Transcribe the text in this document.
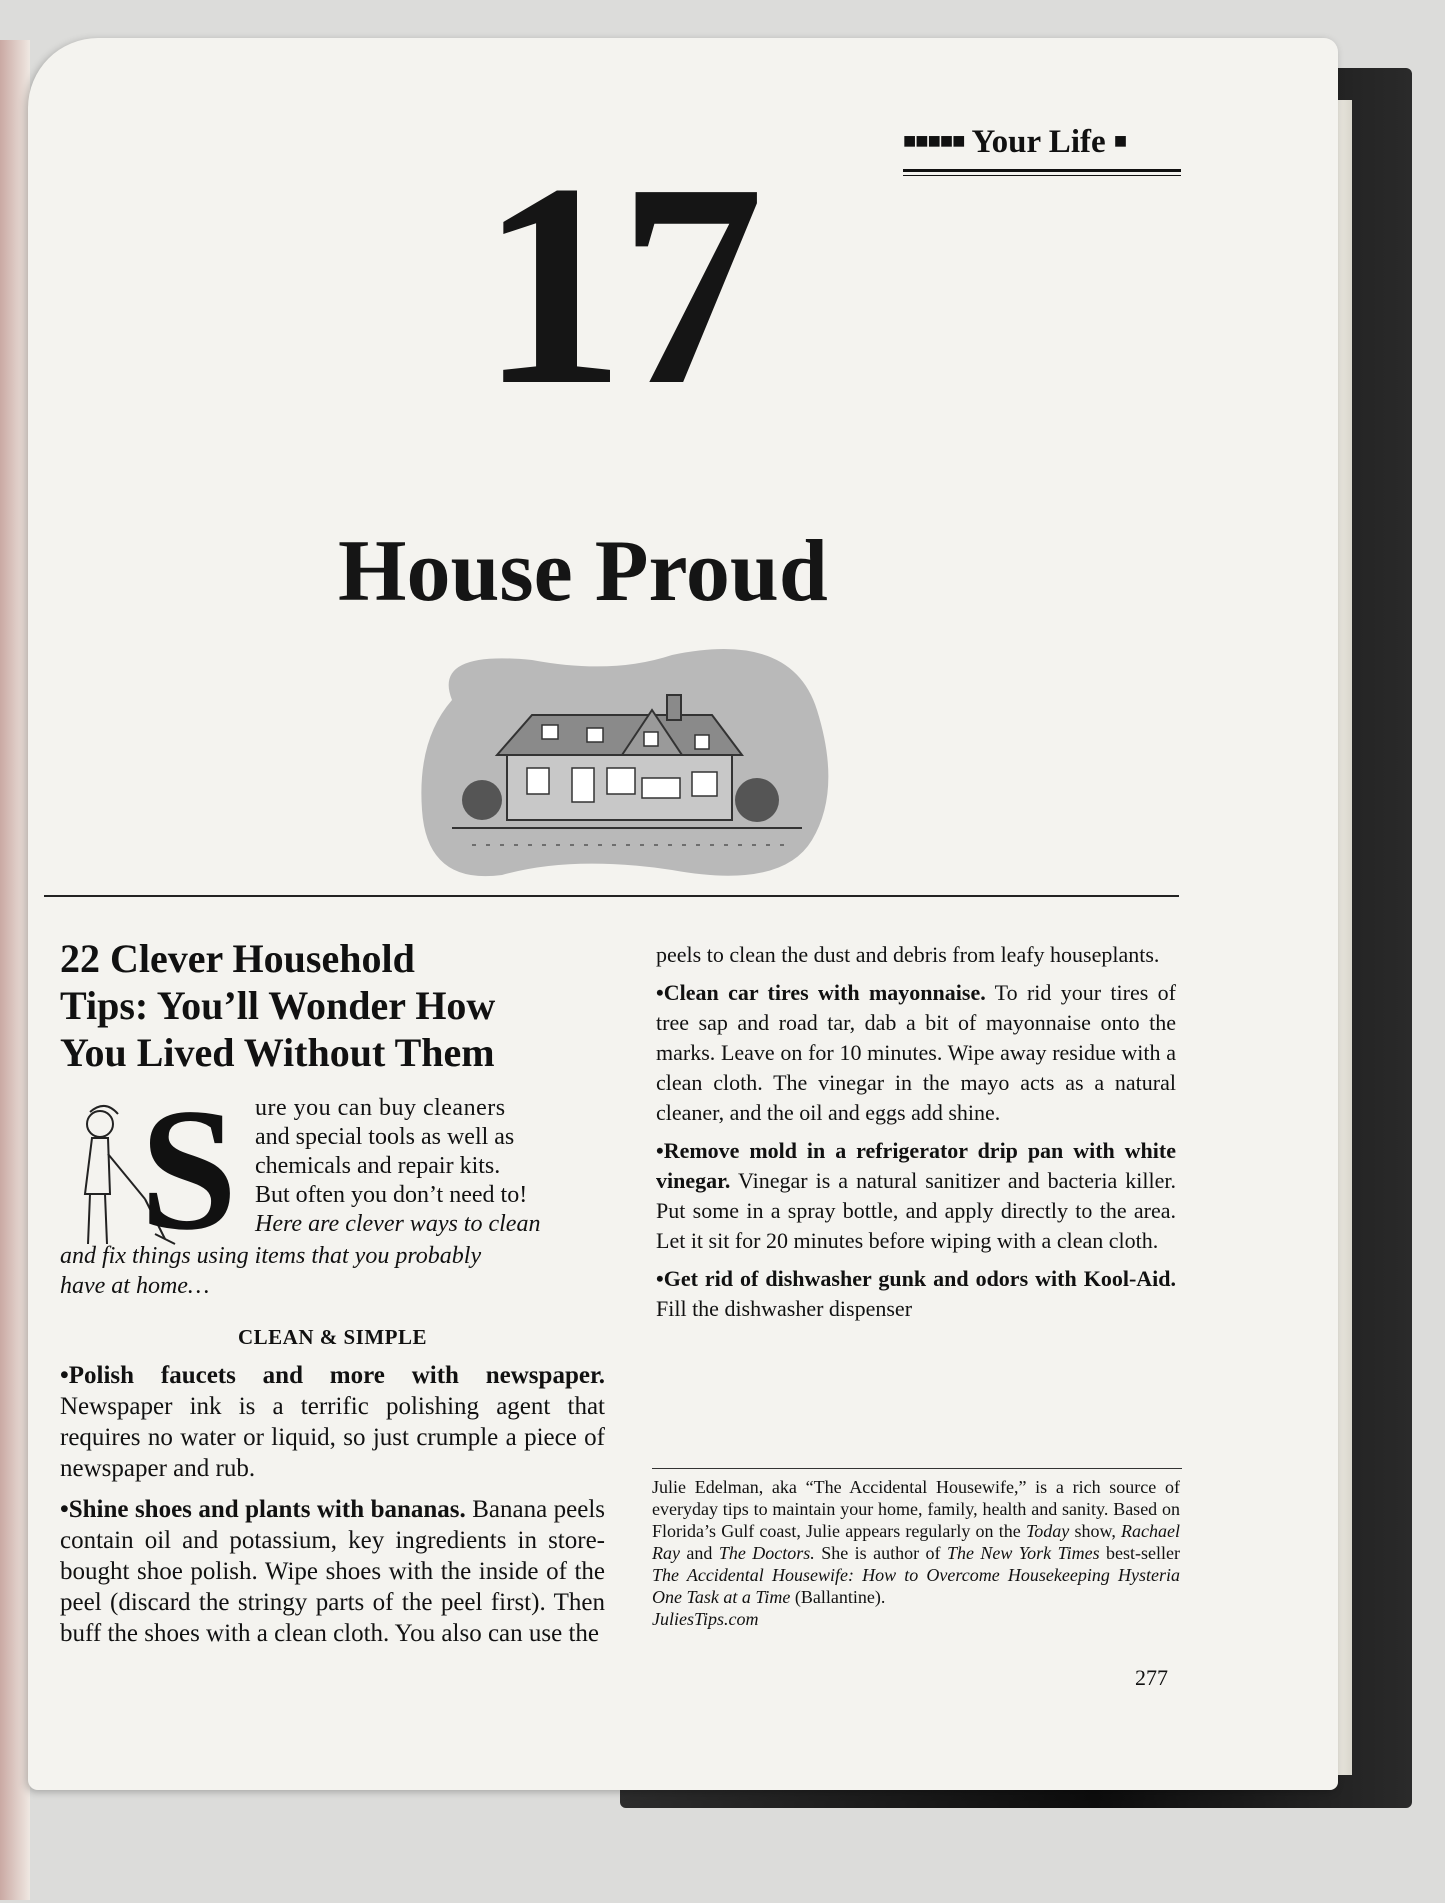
■■■■■ Your Life ■
17
House Proud
22 Clever Household
Tips: You’ll Wonder How
You Lived Without Them
S ure you can buy cleaners
and special tools as well as
chemicals and repair kits.
But often you don’t need to!
Here are clever ways to clean
and fix things using items that you probably
have at home…

CLEAN & SIMPLE

•Polish faucets and more with newspaper. Newspaper ink is a terrific polishing agent that requires no water or liquid, so just crumple a piece of newspaper and rub.

•Shine shoes and plants with bananas. Banana peels contain oil and potassium, key ingredients in store-bought shoe polish. Wipe shoes with the inside of the peel (discard the stringy parts of the peel first). Then buff the shoes with a clean cloth. You also can use the

peels to clean the dust and debris from leafy houseplants.

•Clean car tires with mayonnaise. To rid your tires of tree sap and road tar, dab a bit of mayonnaise onto the marks. Leave on for 10 minutes. Wipe away residue with a clean cloth. The vinegar in the mayo acts as a natural cleaner, and the oil and eggs add shine.

•Remove mold in a refrigerator drip pan with white vinegar. Vinegar is a natural sanitizer and bacteria killer. Put some in a spray bottle, and apply directly to the area. Let it sit for 20 minutes before wiping with a clean cloth.

•Get rid of dishwasher gunk and odors with Kool-Aid. Fill the dishwasher dispenser

Julie Edelman, aka “The Accidental Housewife,” is a rich source of everyday tips to maintain your home, family, health and sanity. Based on Florida’s Gulf coast, Julie appears regularly on the Today show, Rachael Ray and The Doctors. She is author of The New York Times best-seller The Accidental Housewife: How to Overcome Housekeeping Hysteria One Task at a Time (Ballantine).
JuliesTips.com
277
